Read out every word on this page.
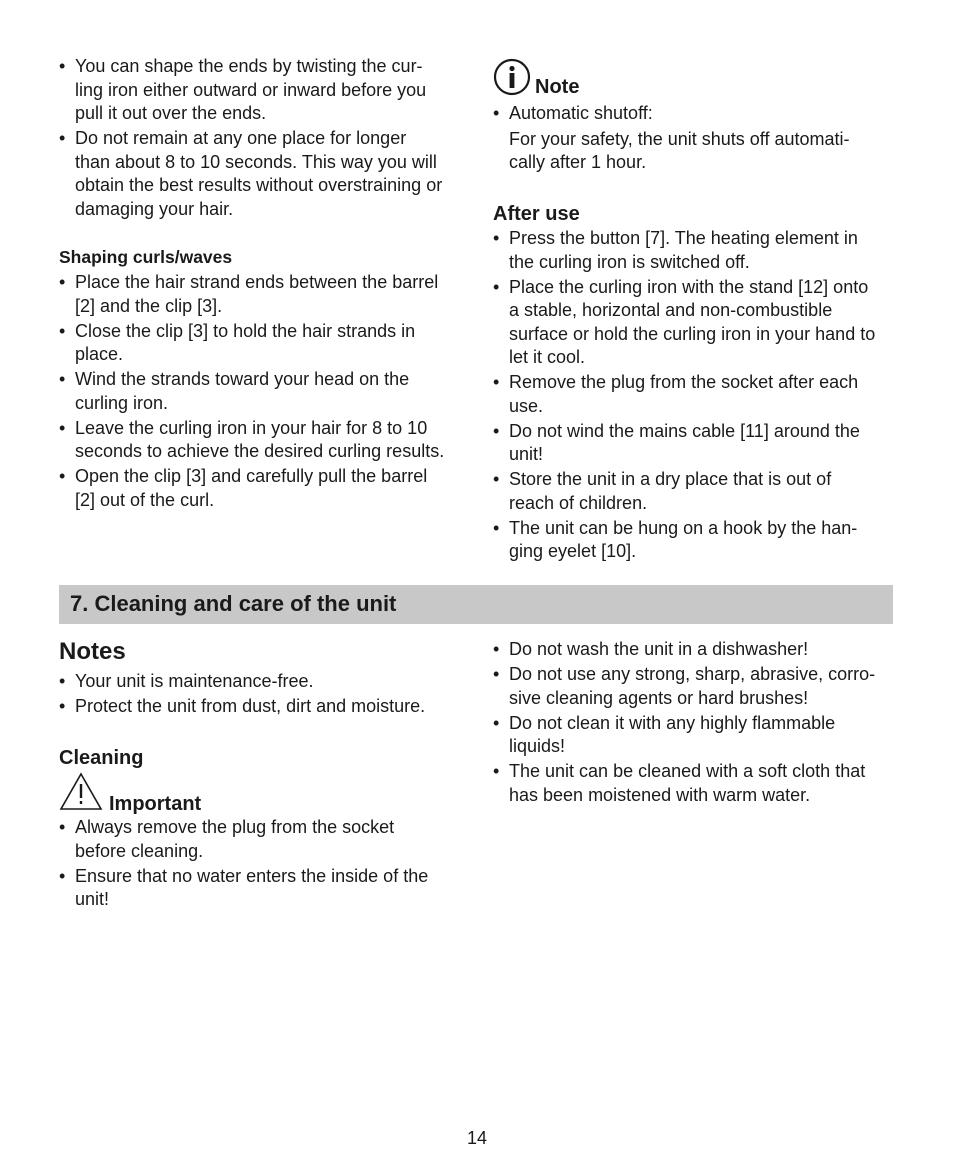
• You can shape the ends by twisting the cur-
ling iron either outward or inward before you
pull it out over the ends.
• Do not remain at any one place for longer
than about 8 to 10 seconds. This way you will
obtain the best results without overstraining or
damaging your hair.

Shaping curls/waves

• Place the hair strand ends between the barrel
[2] and the clip [3].
• Close the clip [3] to hold the hair strands in
place.
• Wind the strands toward your head on the
curling iron.
• Leave the curling iron in your hair for 8 to 10
seconds to achieve the desired curling results.
• Open the clip [3] and carefully pull the barrel
[2] out of the curl.
Note
• Automatic shutoff:
For your safety, the unit shuts off automati-
cally after 1 hour.

After use

• Press the button [7]. The heating element in
the curling iron is switched off.
• Place the curling iron with the stand [12] onto
a stable, horizontal and non-combustible
surface or hold the curling iron in your hand to
let it cool.
• Remove the plug from the socket after each
use.
• Do not wind the mains cable [11] around the
unit!
• Store the unit in a dry place that is out of
reach of children.
• The unit can be hung on a hook by the han-
ging eyelet [10].
7. Cleaning and care of the unit

Notes

• Your unit is maintenance-free.
• Protect the unit from dust, dirt and moisture.

Cleaning

Important
• Always remove the plug from the socket
before cleaning.
• Ensure that no water enters the inside of the
unit!
• Do not wash the unit in a dishwasher!
• Do not use any strong, sharp, abrasive, corro-
sive cleaning agents or hard brushes!
• Do not clean it with any highly flammable
liquids!
• The unit can be cleaned with a soft cloth that
has been moistened with warm water.
14
